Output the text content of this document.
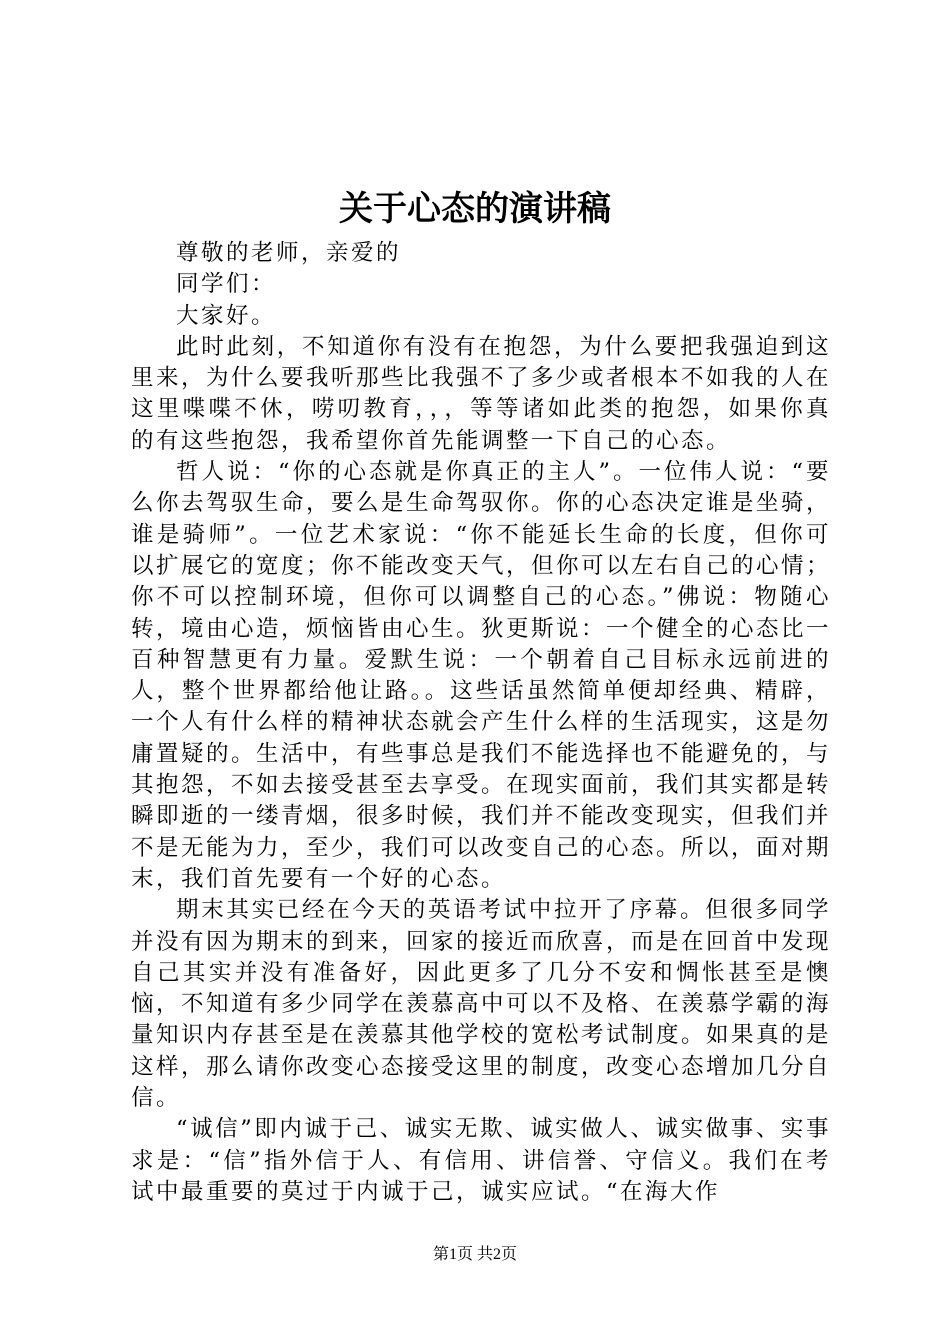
关于心态的演讲稿

尊敬的老师，亲爱的

同学们：

大家好。

此时此刻，不知道你有没有在抱怨，为什么要把我强迫到这里来，为什么要我听那些比我强不了多少或者根本不如我的人在这里喋喋不休，唠叨教育，，，等等诸如此类的抱怨，如果你真的有这些抱怨，我希望你首先能调整一下自己的心态。

哲人说：“你的心态就是你真正的主人”。一位伟人说：“要么你去驾驭生命，要么是生命驾驭你。你的心态决定谁是坐骑，谁是骑师”。一位艺术家说：“你不能延长生命的长度，但你可以扩展它的宽度；你不能改变天气，但你可以左右自己的心情；你不可以控制环境，但你可以调整自己的心态。”佛说：物随心转，境由心造，烦恼皆由心生。狄更斯说：一个健全的心态比一百种智慧更有力量。爱默生说：一个朝着自己目标永远前进的人，整个世界都给他让路。。这些话虽然简单便却经典、精辟，一个人有什么样的精神状态就会产生什么样的生活现实，这是勿庸置疑的。生活中，有些事总是我们不能选择也不能避免的，与其抱怨，不如去接受甚至去享受。在现实面前，我们其实都是转瞬即逝的一缕青烟，很多时候，我们并不能改变现实，但我们并不是无能为力，至少，我们可以改变自己的心态。所以，面对期末，我们首先要有一个好的心态。

期末其实已经在今天的英语考试中拉开了序幕。但很多同学并没有因为期末的到来，回家的接近而欣喜，而是在回首中发现自己其实并没有准备好，因此更多了几分不安和惆怅甚至是懊恼，不知道有多少同学在羡慕高中可以不及格、在羡慕学霸的海量知识内存甚至是在羡慕其他学校的宽松考试制度。如果真的是这样，那么请你改变心态接受这里的制度，改变心态增加几分自信。

“诚信”即内诚于己、诚实无欺、诚实做人、诚实做事、实事求是：“信”指外信于人、有信用、讲信誉、守信义。我们在考试中最重要的莫过于内诚于己，诚实应试。“在海大作

第1页 共2页
